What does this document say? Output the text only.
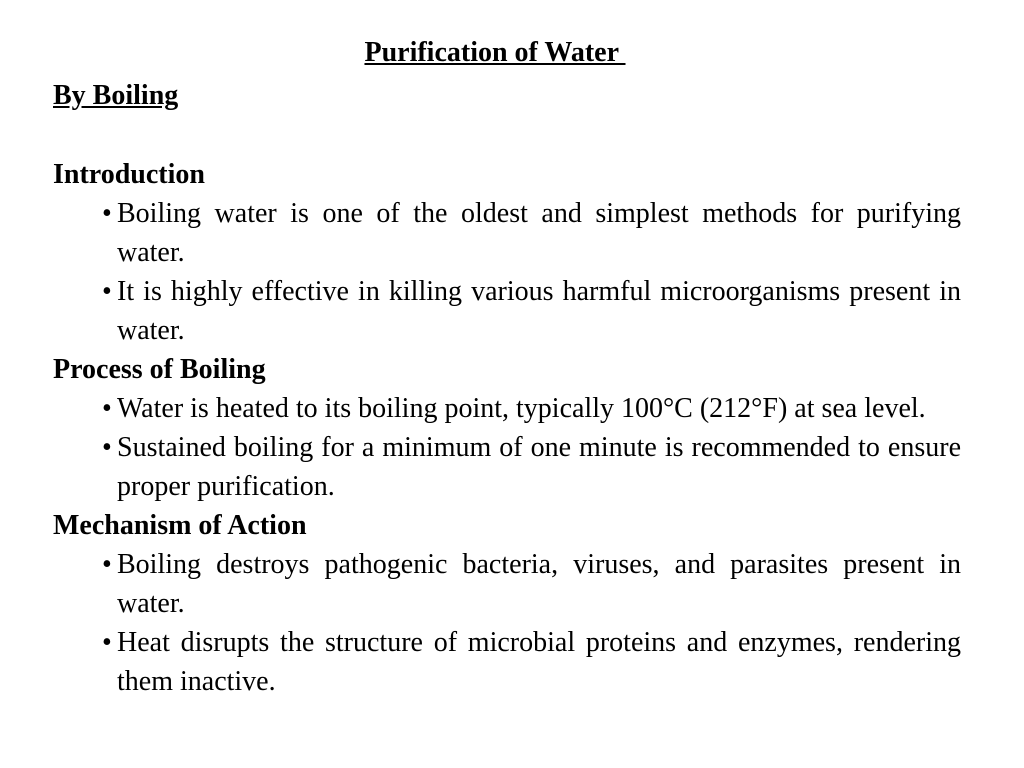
Purification of Water
By Boiling
Introduction
• Boiling water is one of the oldest and simplest methods for purifying water.
• It is highly effective in killing various harmful microorganisms present in water.
Process of Boiling
• Water is heated to its boiling point, typically 100°C (212°F) at sea level.
• Sustained boiling for a minimum of one minute is recommended to ensure proper purification.
Mechanism of Action
• Boiling destroys pathogenic bacteria, viruses, and parasites present in water.
• Heat disrupts the structure of microbial proteins and enzymes, rendering them inactive.
